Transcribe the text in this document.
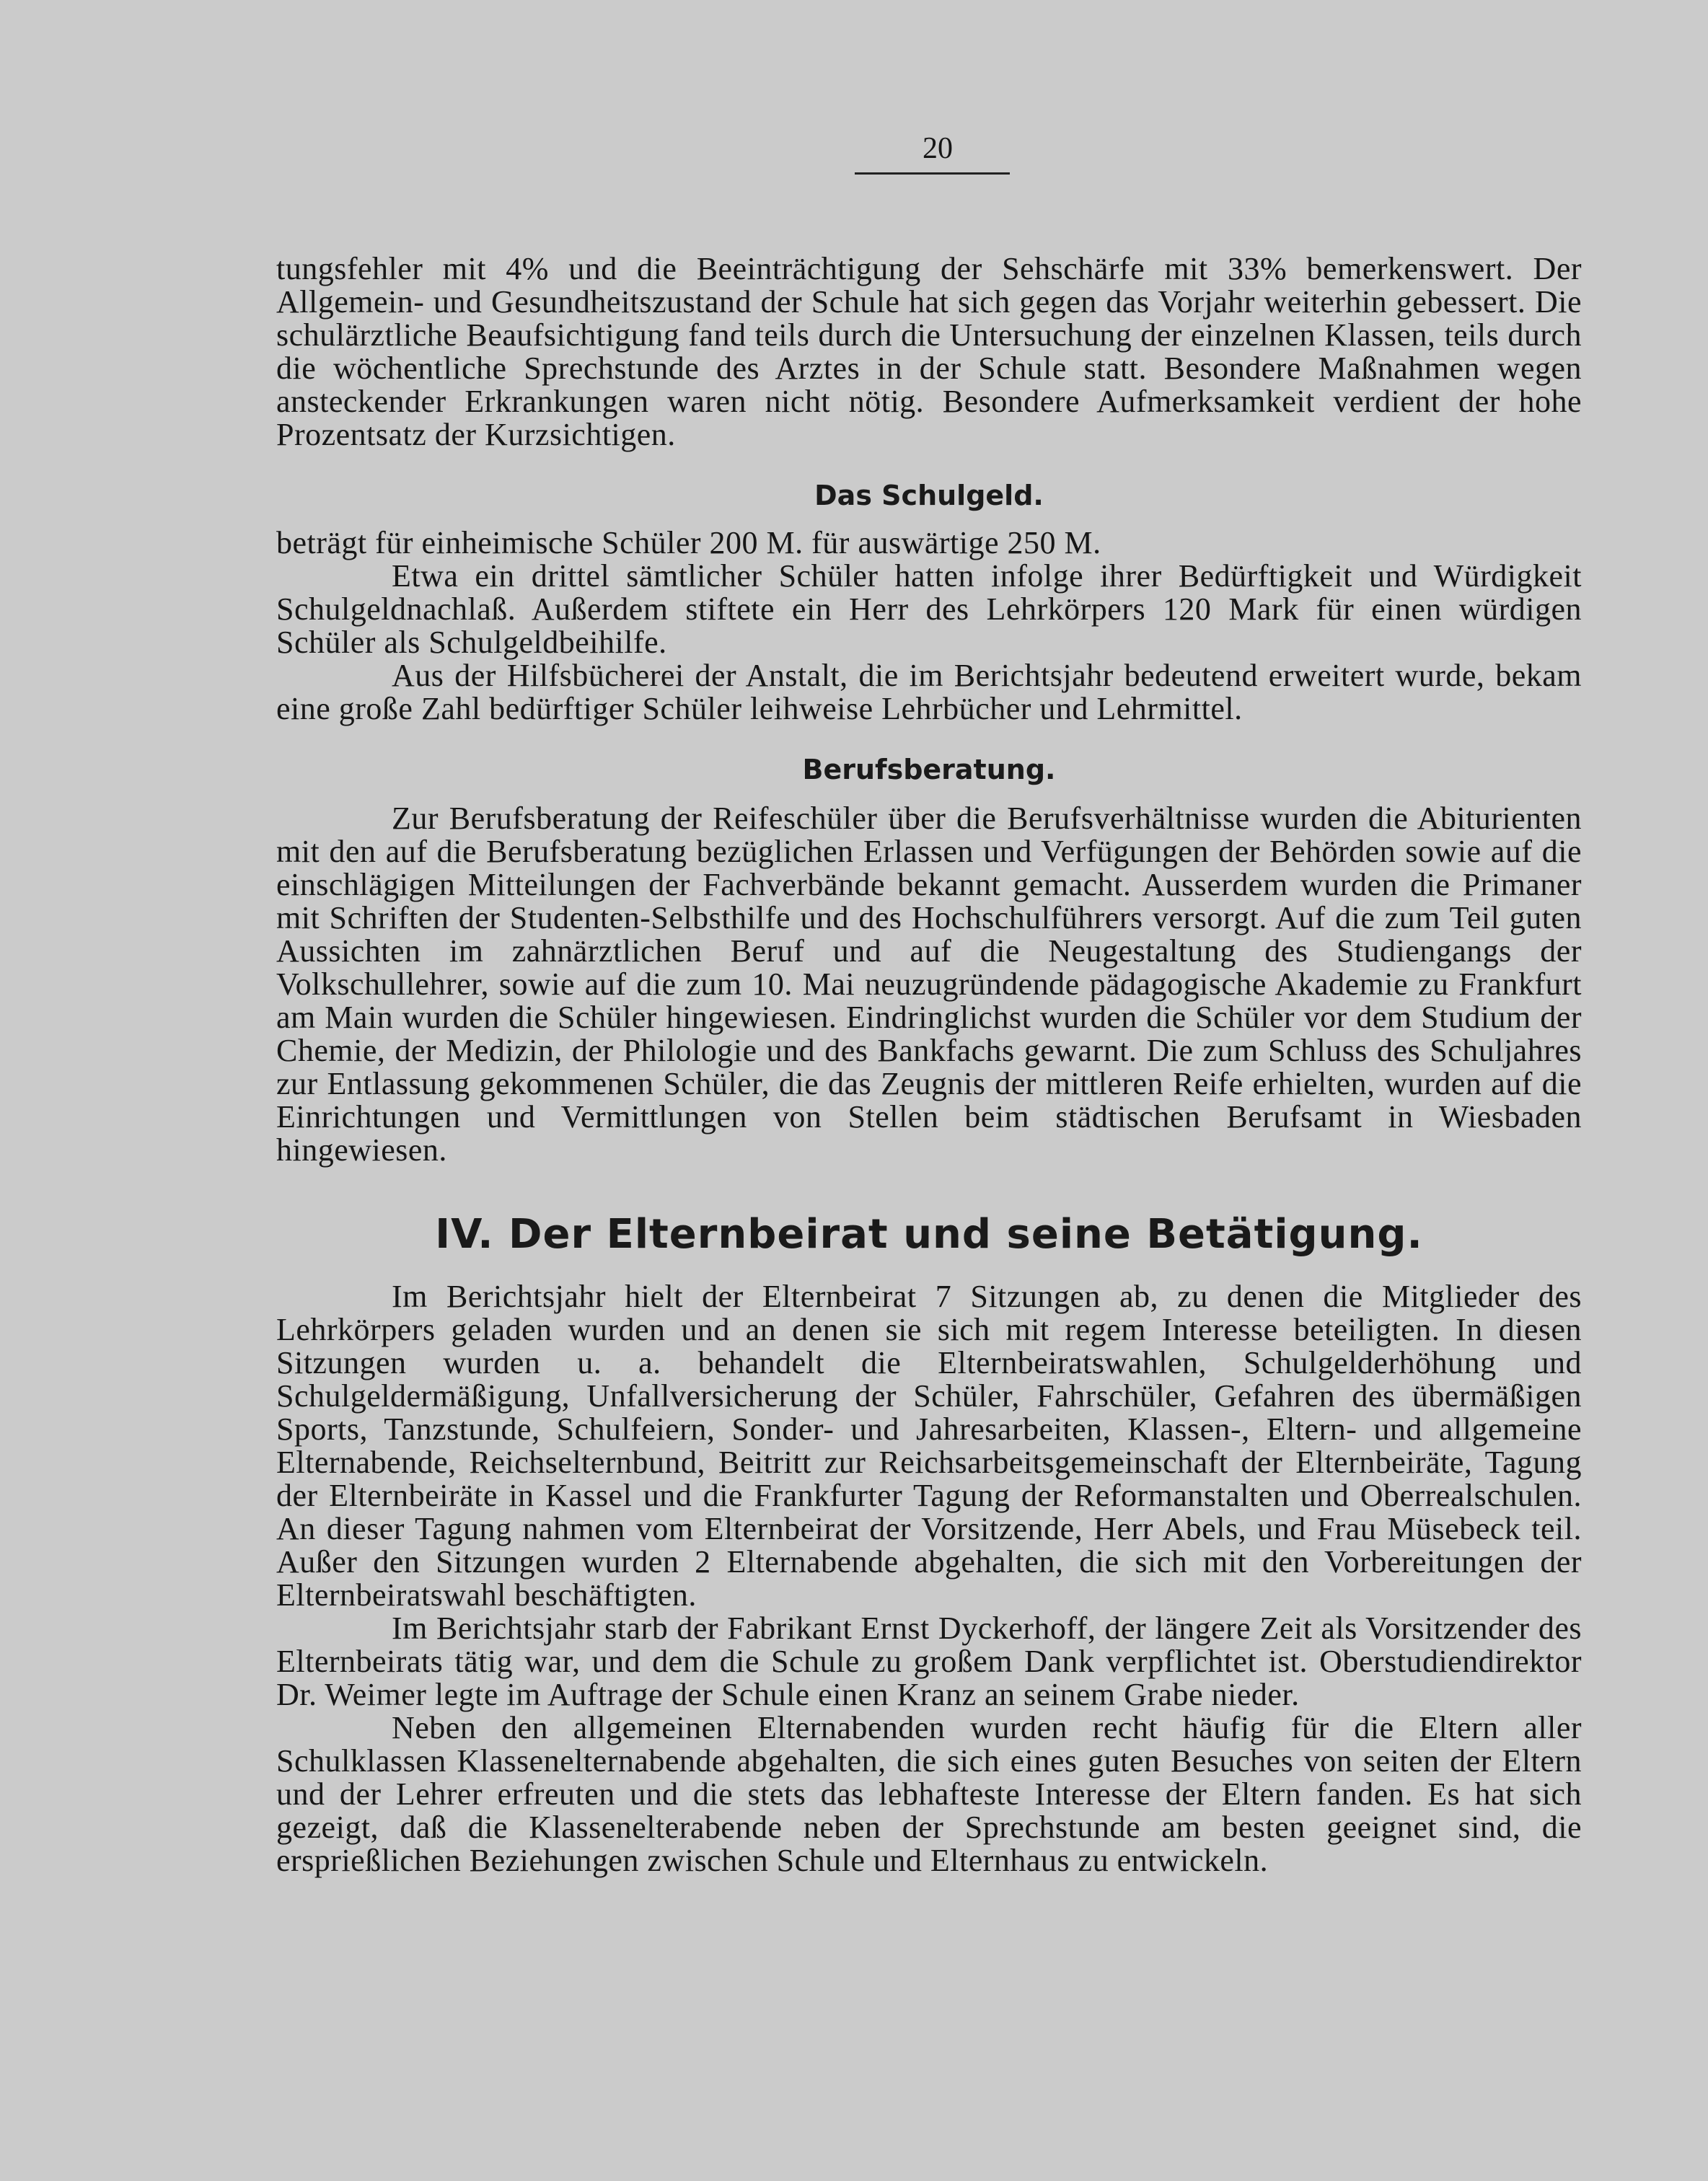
20

tungsfehler mit 4% und die Beeinträchtigung der Sehschärfe mit 33% bemerkenswert. Der Allgemein- und Gesundheitszustand der Schule hat sich gegen das Vorjahr weiterhin gebessert. Die schulärztliche Beaufsichtigung fand teils durch die Untersuchung der einzelnen Klassen, teils durch die wöchentliche Sprechstunde des Arztes in der Schule statt. Besondere Maßnahmen wegen ansteckender Erkrankungen waren nicht nötig. Besondere Aufmerksamkeit verdient der hohe Prozentsatz der Kurzsichtigen.

Das Schulgeld.

beträgt für einheimische Schüler 200 M. für auswärtige 250 M.

Etwa ein drittel sämtlicher Schüler hatten infolge ihrer Bedürftigkeit und Würdigkeit Schulgeldnachlaß. Außerdem stiftete ein Herr des Lehrkörpers 120 Mark für einen würdigen Schüler als Schulgeldbeihilfe.

Aus der Hilfsbücherei der Anstalt, die im Berichtsjahr bedeutend erweitert wurde, bekam eine große Zahl bedürftiger Schüler leihweise Lehrbücher und Lehrmittel.

Berufsberatung.

Zur Berufsberatung der Reifeschüler über die Berufsverhältnisse wurden die Abiturienten mit den auf die Berufsberatung bezüglichen Erlassen und Verfügungen der Behörden sowie auf die einschlägigen Mitteilungen der Fachverbände bekannt gemacht. Ausserdem wurden die Primaner mit Schriften der Studenten-Selbsthilfe und des Hochschulführers versorgt. Auf die zum Teil guten Aussichten im zahnärztlichen Beruf und auf die Neugestaltung des Studiengangs der Volkschullehrer, sowie auf die zum 10. Mai neuzugründende pädagogische Akademie zu Frankfurt am Main wurden die Schüler hingewiesen. Eindringlichst wurden die Schüler vor dem Studium der Chemie, der Medizin, der Philologie und des Bankfachs gewarnt. Die zum Schluss des Schuljahres zur Entlassung gekommenen Schüler, die das Zeugnis der mittleren Reife erhielten, wurden auf die Einrichtungen und Vermittlungen von Stellen beim städtischen Berufsamt in Wiesbaden hingewiesen.

IV. Der Elternbeirat und seine Betätigung.

Im Berichtsjahr hielt der Elternbeirat 7 Sitzungen ab, zu denen die Mitglieder des Lehrkörpers geladen wurden und an denen sie sich mit regem Interesse beteiligten. In diesen Sitzungen wurden u. a. behandelt die Elternbeiratswahlen, Schulgelderhöhung und Schulgeldermäßigung, Unfallversicherung der Schüler, Fahrschüler, Gefahren des übermäßigen Sports, Tanzstunde, Schulfeiern, Sonder- und Jahresarbeiten, Klassen-, Eltern- und allgemeine Elternabende, Reichselternbund, Beitritt zur Reichsarbeitsgemeinschaft der Elternbeiräte, Tagung der Elternbeiräte in Kassel und die Frankfurter Tagung der Reformanstalten und Oberrealschulen. An dieser Tagung nahmen vom Elternbeirat der Vorsitzende, Herr Abels, und Frau Müsebeck teil. Außer den Sitzungen wurden 2 Elternabende abgehalten, die sich mit den Vorbereitungen der Elternbeiratswahl beschäftigten.

Im Berichtsjahr starb der Fabrikant Ernst Dyckerhoff, der längere Zeit als Vorsitzender des Elternbeirats tätig war, und dem die Schule zu großem Dank verpflichtet ist. Oberstudiendirektor Dr. Weimer legte im Auftrage der Schule einen Kranz an seinem Grabe nieder.

Neben den allgemeinen Elternabenden wurden recht häufig für die Eltern aller Schulklassen Klassenelternabende abgehalten, die sich eines guten Besuches von seiten der Eltern und der Lehrer erfreuten und die stets das lebhafteste Interesse der Eltern fanden. Es hat sich gezeigt, daß die Klassenelterabende neben der Sprechstunde am besten geeignet sind, die ersprießlichen Beziehungen zwischen Schule und Elternhaus zu entwickeln.
